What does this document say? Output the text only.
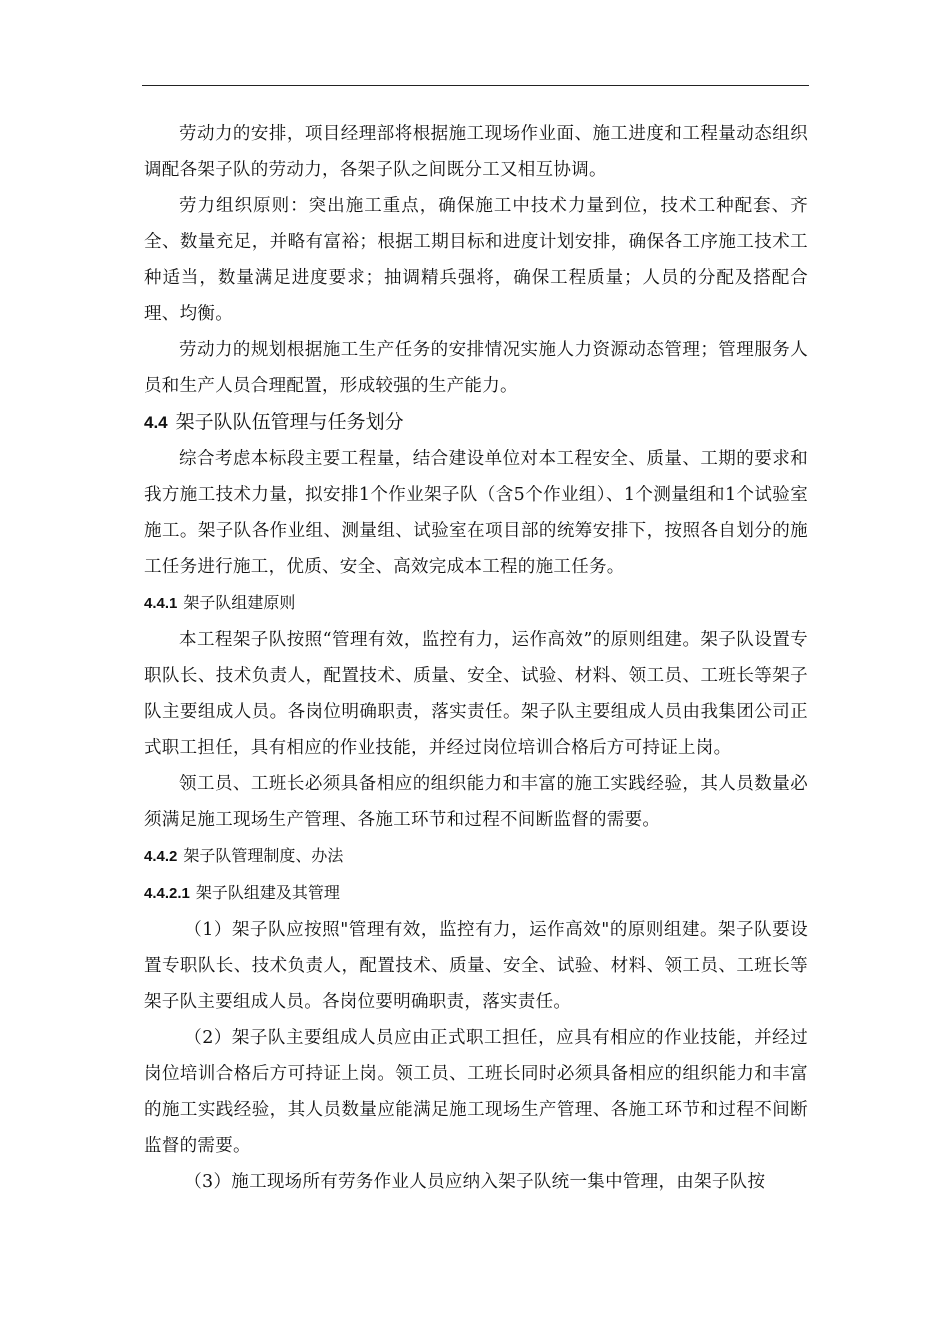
劳动力的安排，项目经理部将根据施工现场作业面、施工进度和工程量动态组织调配各架子队的劳动力，各架子队之间既分工又相互协调。

劳力组织原则：突出施工重点，确保施工中技术力量到位，技术工种配套、齐全、数量充足，并略有富裕；根据工期目标和进度计划安排，确保各工序施工技术工种适当，数量满足进度要求；抽调精兵强将，确保工程质量；人员的分配及搭配合理、均衡。

劳动力的规划根据施工生产任务的安排情况实施人力资源动态管理；管理服务人员和生产人员合理配置，形成较强的生产能力。

4.4 架子队队伍管理与任务划分

综合考虑本标段主要工程量，结合建设单位对本工程安全、质量、工期的要求和我方施工技术力量，拟安排1个作业架子队（含5个作业组）、1个测量组和1个试验室施工。架子队各作业组、测量组、试验室在项目部的统筹安排下，按照各自划分的施工任务进行施工，优质、安全、高效完成本工程的施工任务。

4.4.1 架子队组建原则

本工程架子队按照“管理有效，监控有力，运作高效”的原则组建。架子队设置专职队长、技术负责人，配置技术、质量、安全、试验、材料、领工员、工班长等架子队主要组成人员。各岗位明确职责，落实责任。架子队主要组成人员由我集团公司正式职工担任，具有相应的作业技能，并经过岗位培训合格后方可持证上岗。

领工员、工班长必须具备相应的组织能力和丰富的施工实践经验，其人员数量必须满足施工现场生产管理、各施工环节和过程不间断监督的需要。

4.4.2 架子队管理制度、办法
4.4.2.1 架子队组建及其管理

（1）架子队应按照"管理有效，监控有力，运作高效"的原则组建。架子队要设置专职队长、技术负责人，配置技术、质量、安全、试验、材料、领工员、工班长等架子队主要组成人员。各岗位要明确职责，落实责任。

（2）架子队主要组成人员应由正式职工担任，应具有相应的作业技能，并经过岗位培训合格后方可持证上岗。领工员、工班长同时必须具备相应的组织能力和丰富的施工实践经验，其人员数量应能满足施工现场生产管理、各施工环节和过程不间断监督的需要。

（3）施工现场所有劳务作业人员应纳入架子队统一集中管理，由架子队按
